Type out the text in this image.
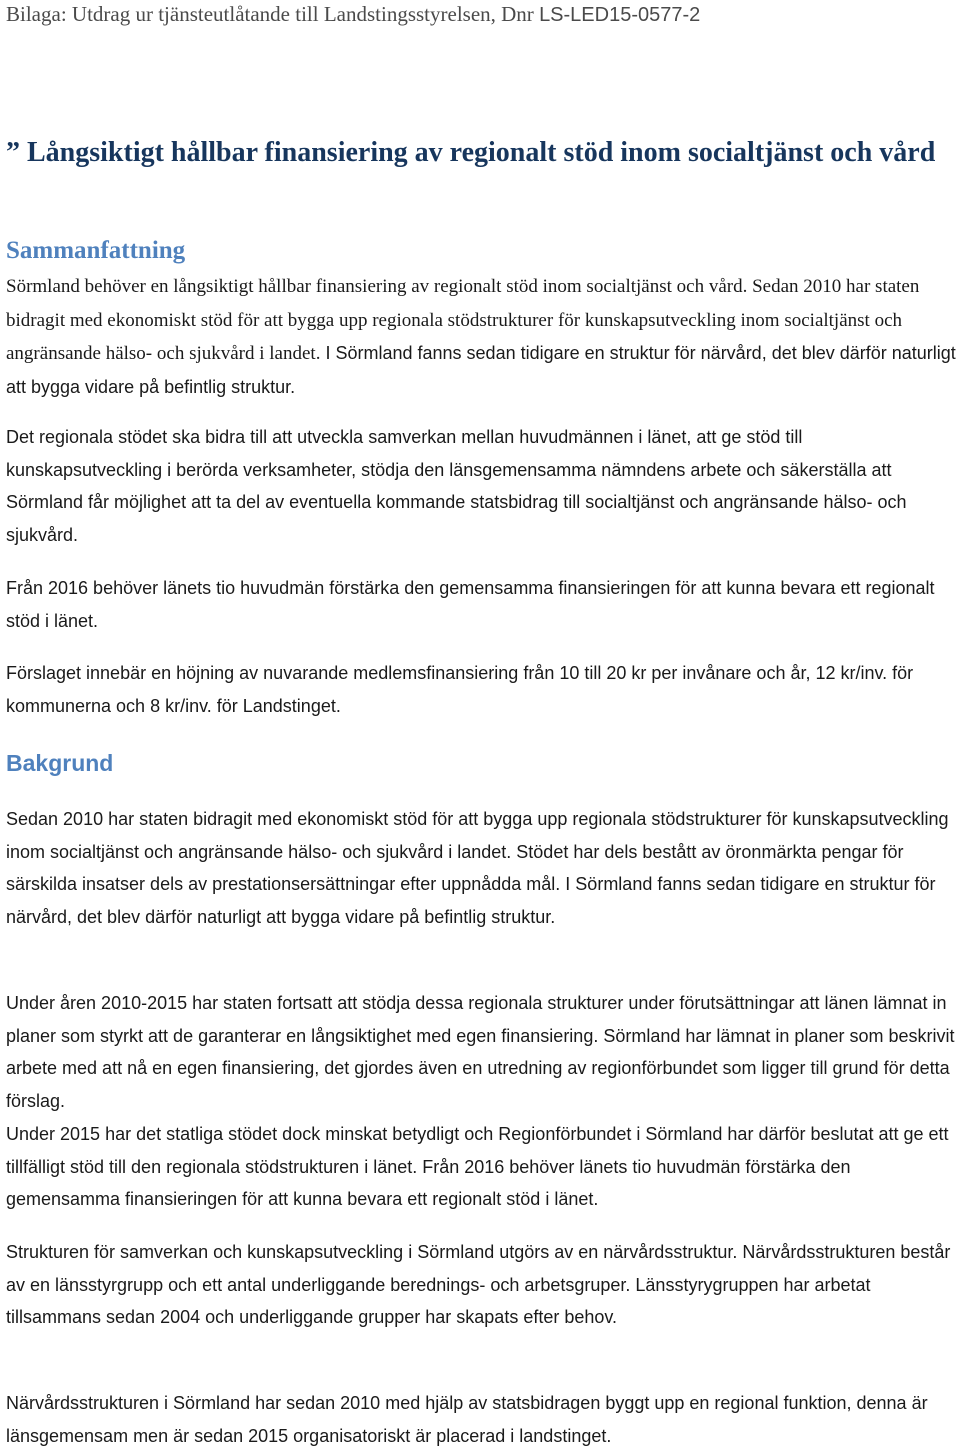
Bilaga: Utdrag ur tjänsteutlåtande till Landstingsstyrelsen, Dnr LS-LED15-0577-2
” Långsiktigt hållbar finansiering av regionalt stöd inom socialtjänst och vård
Sammanfattning

Sörmland behöver en långsiktigt hållbar finansiering av regionalt stöd inom socialtjänst och vård. Sedan 2010 har staten bidragit med ekonomiskt stöd för att bygga upp regionala stödstrukturer för kunskapsutveckling inom socialtjänst och angränsande hälso- och sjukvård i landet. I Sörmland fanns sedan tidigare en struktur för närvård, det blev därför naturligt att bygga vidare på befintlig struktur.

Det regionala stödet ska bidra till att utveckla samverkan mellan huvudmännen i länet, att ge stöd till kunskapsutveckling i berörda verksamheter, stödja den länsgemensamma nämndens arbete och säkerställa att Sörmland får möjlighet att ta del av eventuella kommande statsbidrag till socialtjänst och angränsande hälso- och sjukvård.

Från 2016 behöver länets tio huvudmän förstärka den gemensamma finansieringen för att kunna bevara ett regionalt stöd i länet.

Förslaget innebär en höjning av nuvarande medlemsfinansiering från 10 till 20 kr per invånare och år, 12 kr/inv. för kommunerna och 8 kr/inv. för Landstinget.

Bakgrund

Sedan 2010 har staten bidragit med ekonomiskt stöd för att bygga upp regionala stödstrukturer för kunskapsutveckling inom socialtjänst och angränsande hälso- och sjukvård i landet. Stödet har dels bestått av öronmärkta pengar för särskilda insatser dels av prestationsersättningar efter uppnådda mål. I Sörmland fanns sedan tidigare en struktur för närvård, det blev därför naturligt att bygga vidare på befintlig struktur.

Under åren 2010-2015 har staten fortsatt att stödja dessa regionala strukturer under förutsättningar att länen lämnat in planer som styrkt att de garanterar en långsiktighet med egen finansiering. Sörmland har lämnat in planer som beskrivit arbete med att nå en egen finansiering, det gjordes även en utredning av regionförbundet som ligger till grund för detta förslag.

Under 2015 har det statliga stödet dock minskat betydligt och Regionförbundet i Sörmland har därför beslutat att ge ett tillfälligt stöd till den regionala stödstrukturen i länet. Från 2016 behöver länets tio huvudmän förstärka den gemensamma finansieringen för att kunna bevara ett regionalt stöd i länet.

Strukturen för samverkan och kunskapsutveckling i Sörmland utgörs av en närvårdsstruktur. Närvårdsstrukturen består av en länsstyrgrupp och ett antal underliggande berednings- och arbetsgruper. Länsstyrygruppen har arbetat tillsammans sedan 2004 och underliggande grupper har skapats efter behov.

Närvårdsstrukturen i Sörmland har sedan 2010 med hjälp av statsbidragen byggt upp en regional funktion, denna är länsgemensam men är sedan 2015 organisatoriskt är placerad i landstinget.
